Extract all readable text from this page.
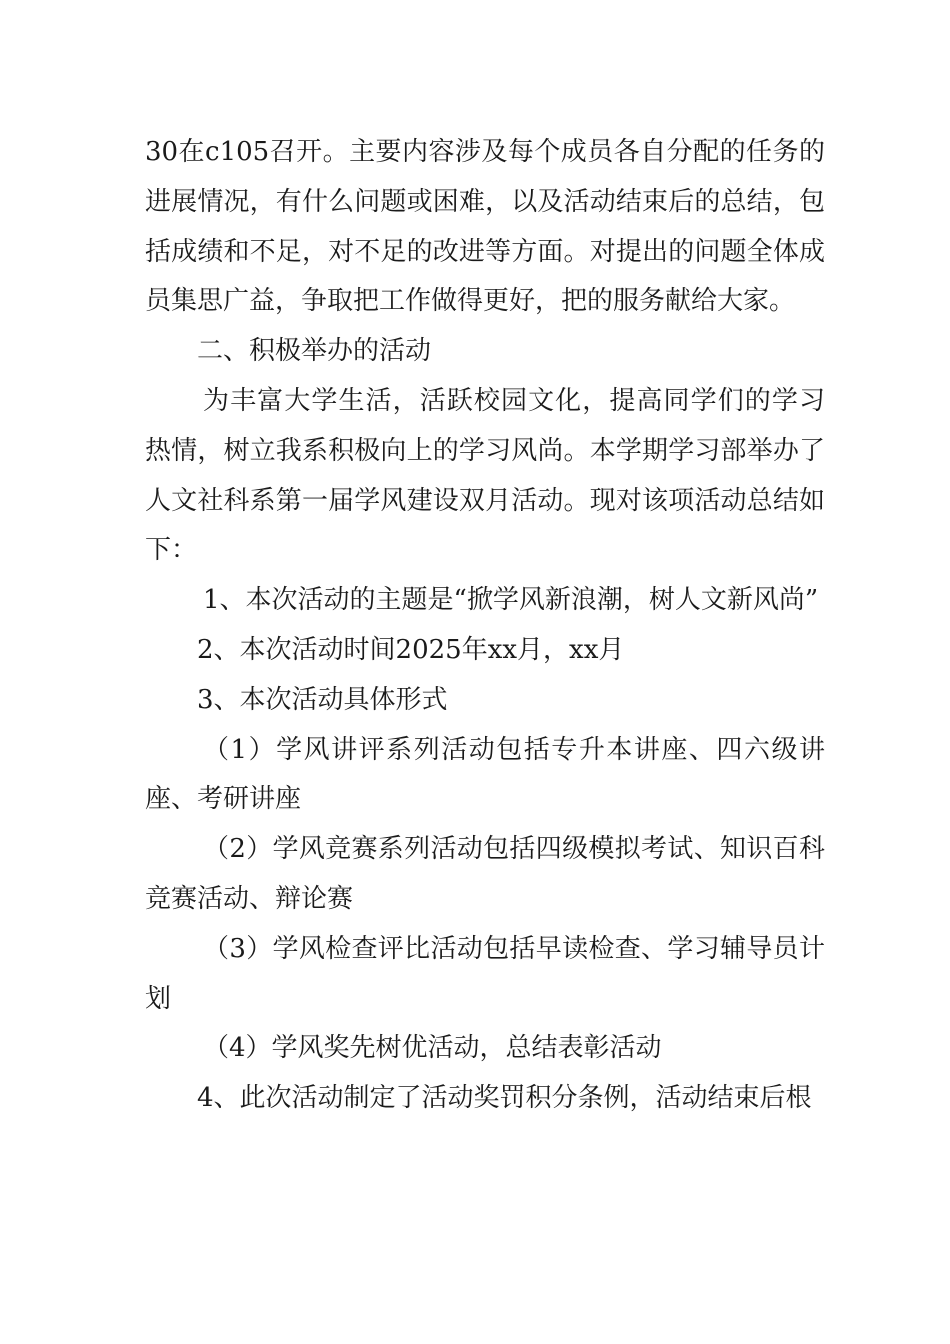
30在c105召开。主要内容涉及每个成员各自分配的任务的进展情况，有什么问题或困难，以及活动结束后的总结，包括成绩和不足，对不足的改进等方面。对提出的问题全体成员集思广益，争取把工作做得更好，把的服务献给大家。

二、积极举办的活动

为丰富大学生活，活跃校园文化，提高同学们的学习热情，树立我系积极向上的学习风尚。本学期学习部举办了人文社科系第一届学风建设双月活动。现对该项活动总结如下：

1、本次活动的主题是“掀学风新浪潮，树人文新风尚”

2、本次活动时间2025年xx月，xx月

3、本次活动具体形式

（1）学风讲评系列活动包括专升本讲座、四六级讲座、考研讲座

（2）学风竞赛系列活动包括四级模拟考试、知识百科竞赛活动、辩论赛

（3）学风检查评比活动包括早读检查、学习辅导员计划

（4）学风奖先树优活动，总结表彰活动

4、此次活动制定了活动奖罚积分条例，活动结束后根
